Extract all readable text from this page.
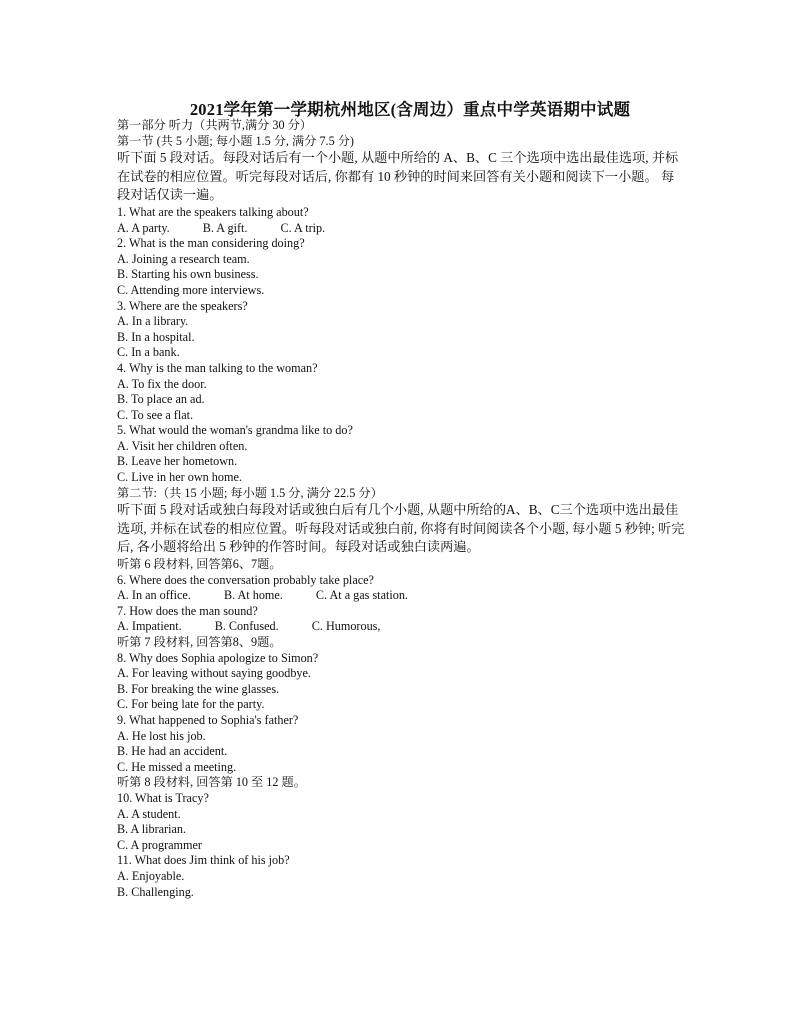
2021学年第一学期杭州地区(含周边）重点中学英语期中试题

第一部分 听力（共两节,满分 30 分）

第一节 (共 5 小题; 每小题 1.5 分, 满分 7.5 分)

听下面 5 段对话。每段对话后有一个小题, 从题中所给的 A、B、C 三个选项中选出最佳选项, 并标在试卷的相应位置。听完每段对话后, 你都有 10 秒钟的时间来回答有关小题和阅读下一小题。 每段对话仅读一遍。

1. What are the speakers talking about?

A. A party.	B. A gift.	C. A trip.

2. What is the man considering doing?

A. Joining a research team.

B. Starting his own business.

C. Attending more interviews.

3. Where are the speakers?

A. In a library.

B. In a hospital.

C. In a bank.

4. Why is the man talking to the woman?

A. To fix the door.

B. To place an ad.

C. To see a flat.

5. What would the woman's grandma like to do?

A. Visit her children often.

B. Leave her hometown.

C. Live in her own home.

第二节:（共 15 小题; 每小题 1.5 分, 满分 22.5 分）

听下面 5 段对话或独白每段对话或独白后有几个小题, 从题中所给的A、B、C三个选项中选出最佳选项, 并标在试卷的相应位置。听每段对话或独白前, 你将有时间阅读各个小题, 每小题 5 秒钟; 听完后, 各小题将给出 5 秒钟的作答时间。每段对话或独白读两遍。

听第 6 段材料, 回答第6、7题。

6. Where does the conversation probably take place?

A. In an office.	B. At home.	C. At a gas station.

7. How does the man sound?

A. Impatient.	B. Confused.	C. Humorous,

听第 7 段材料, 回答第8、9题。

8. Why does Sophia apologize to Simon?

A. For leaving without saying goodbye.

B. For breaking the wine glasses.

C. For being late for the party.

9. What happened to Sophia's father?

A. He lost his job.

B. He had an accident.

C. He missed a meeting.

听第 8 段材料, 回答第 10 至 12 题。

10. What is Tracy?

A. A student.

B. A librarian.

C. A programmer

11. What does Jim think of his job?

A. Enjoyable.

B. Challenging.
